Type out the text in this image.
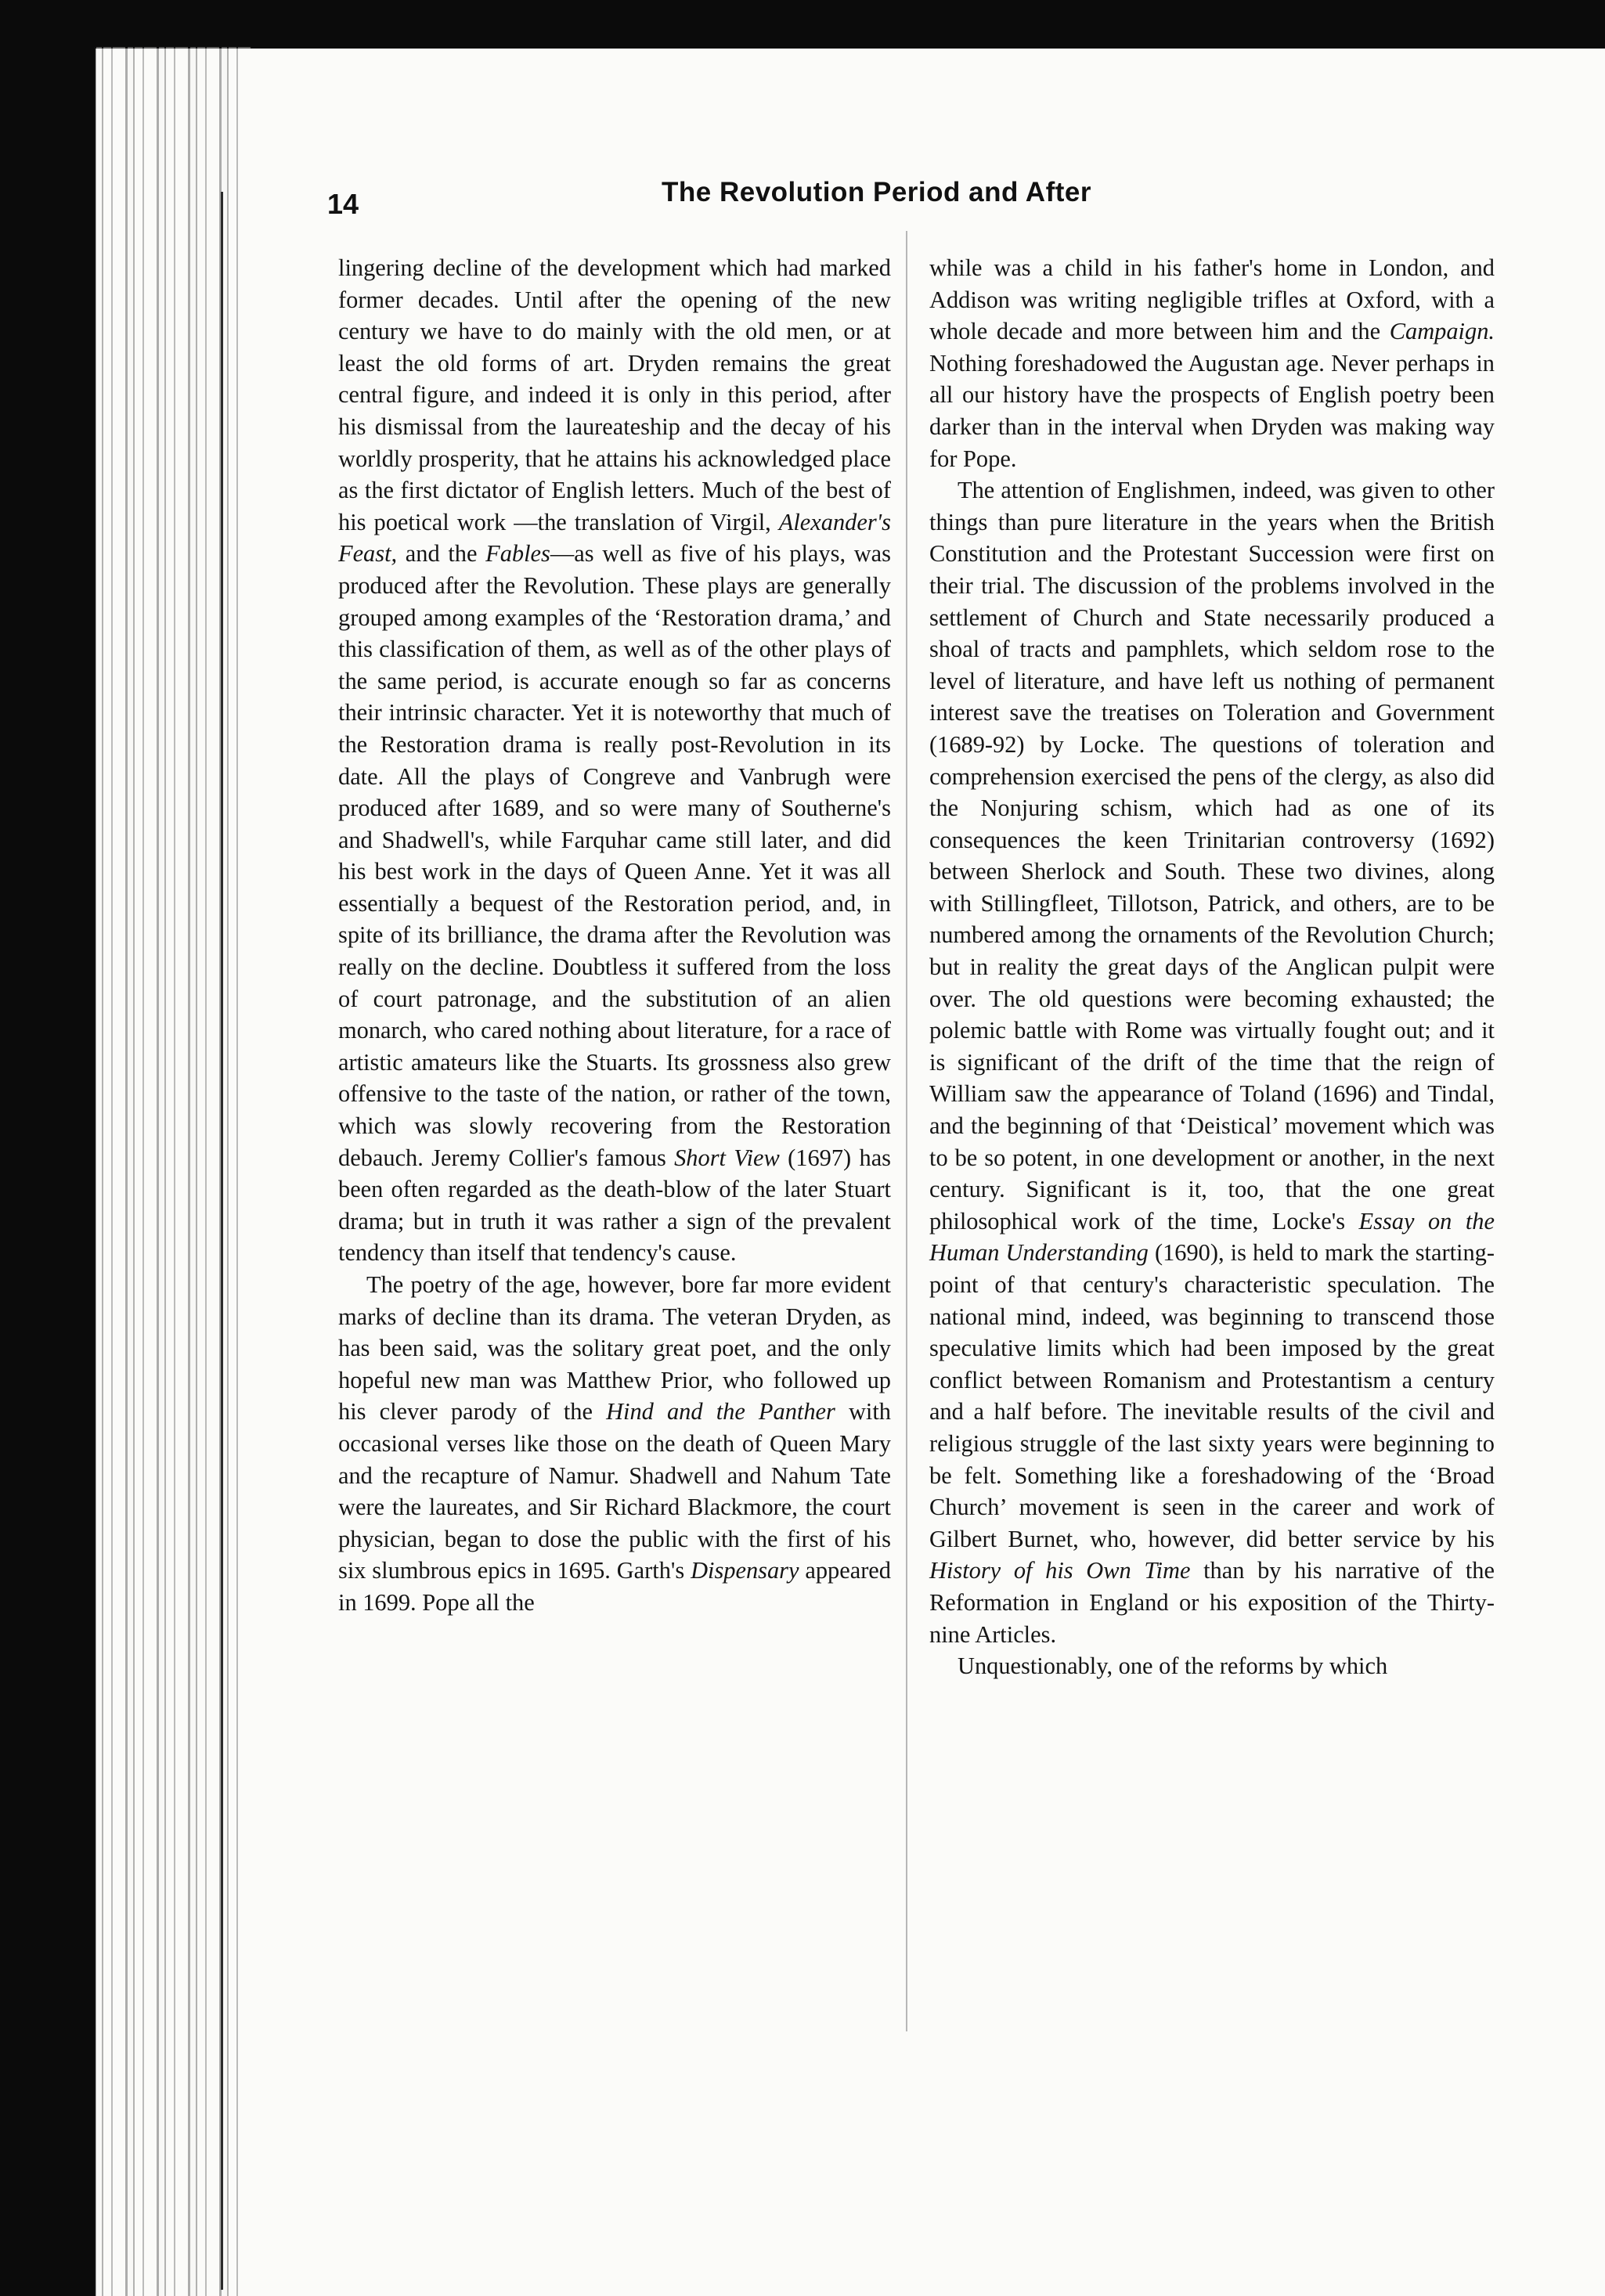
14	The Revolution Period and After

lingering decline of the development which had marked former decades. Until after the opening of the new century we have to do mainly with the old men, or at least the old forms of art. Dryden remains the great central figure, and indeed it is only in this period, after his dismissal from the laureateship and the decay of his worldly prosperity, that he attains his acknowledged place as the first dictator of English letters. Much of the best of his poetical work —the translation of Virgil, Alexander's Feast, and the Fables—as well as five of his plays, was produced after the Revolution. These plays are generally grouped among examples of the ‘Restoration drama,’ and this classification of them, as well as of the other plays of the same period, is accurate enough so far as concerns their intrinsic character. Yet it is noteworthy that much of the Restoration drama is really post-Revolution in its date. All the plays of Congreve and Vanbrugh were produced after 1689, and so were many of Southerne's and Shadwell's, while Farquhar came still later, and did his best work in the days of Queen Anne. Yet it was all essentially a bequest of the Restoration period, and, in spite of its brilliance, the drama after the Revolution was really on the decline. Doubtless it suffered from the loss of court patronage, and the substitution of an alien monarch, who cared nothing about literature, for a race of artistic amateurs like the Stuarts. Its grossness also grew offensive to the taste of the nation, or rather of the town, which was slowly recovering from the Restoration debauch. Jeremy Collier's famous Short View (1697) has been often regarded as the death-blow of the later Stuart drama; but in truth it was rather a sign of the prevalent tendency than itself that tendency's cause.

The poetry of the age, however, bore far more evident marks of decline than its drama. The veteran Dryden, as has been said, was the solitary great poet, and the only hopeful new man was Matthew Prior, who followed up his clever parody of the Hind and the Panther with occasional verses like those on the death of Queen Mary and the recapture of Namur. Shadwell and Nahum Tate were the laureates, and Sir Richard Blackmore, the court physician, began to dose the public with the first of his six slumbrous epics in 1695. Garth's Dispensary appeared in 1699. Pope all the

while was a child in his father's home in London, and Addison was writing negligible trifles at Oxford, with a whole decade and more between him and the Campaign. Nothing foreshadowed the Augustan age. Never perhaps in all our history have the prospects of English poetry been darker than in the interval when Dryden was making way for Pope.

The attention of Englishmen, indeed, was given to other things than pure literature in the years when the British Constitution and the Protestant Succession were first on their trial. The discussion of the problems involved in the settlement of Church and State necessarily produced a shoal of tracts and pamphlets, which seldom rose to the level of literature, and have left us nothing of permanent interest save the treatises on Toleration and Government (1689-92) by Locke. The questions of toleration and comprehension exercised the pens of the clergy, as also did the Nonjuring schism, which had as one of its consequences the keen Trinitarian controversy (1692) between Sherlock and South. These two divines, along with Stillingfleet, Tillotson, Patrick, and others, are to be numbered among the ornaments of the Revolution Church; but in reality the great days of the Anglican pulpit were over. The old questions were becoming exhausted; the polemic battle with Rome was virtually fought out; and it is significant of the drift of the time that the reign of William saw the appearance of Toland (1696) and Tindal, and the beginning of that ‘Deistical’ movement which was to be so potent, in one development or another, in the next century. Significant is it, too, that the one great philosophical work of the time, Locke's Essay on the Human Understanding (1690), is held to mark the starting-point of that century's characteristic speculation. The national mind, indeed, was beginning to transcend those speculative limits which had been imposed by the great conflict between Romanism and Protestantism a century and a half before. The inevitable results of the civil and religious struggle of the last sixty years were beginning to be felt. Something like a foreshadowing of the ‘Broad Church’ movement is seen in the career and work of Gilbert Burnet, who, however, did better service by his History of his Own Time than by his narrative of the Reformation in England or his exposition of the Thirty-nine Articles.

Unquestionably, one of the reforms by which
